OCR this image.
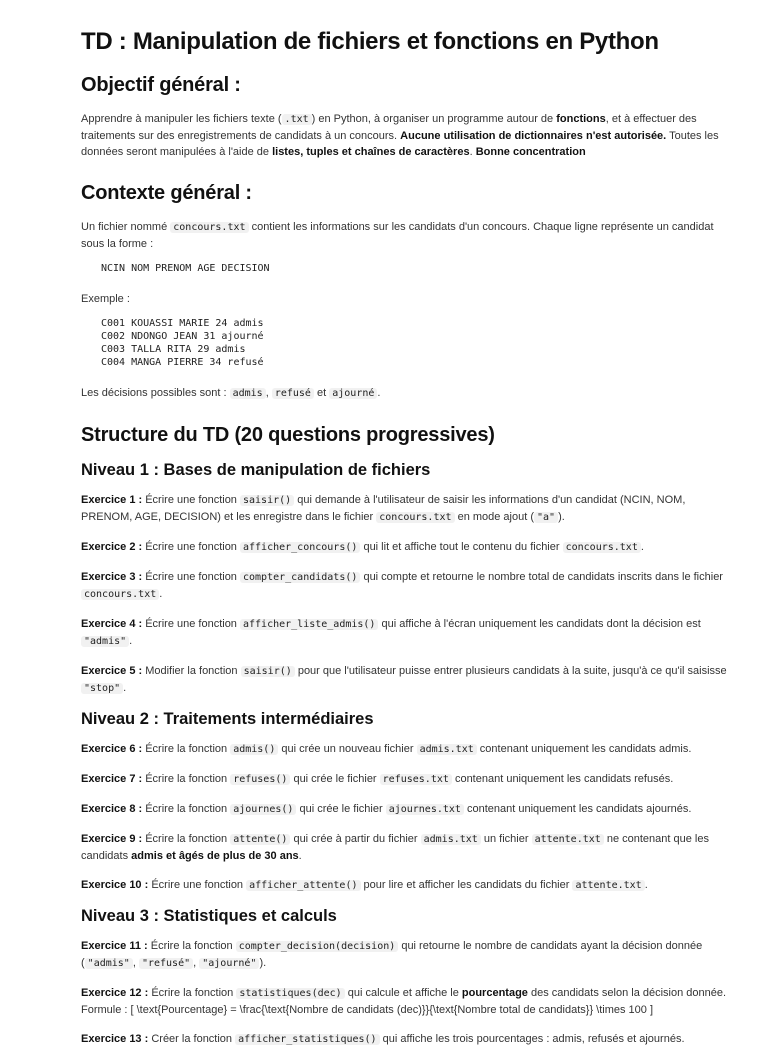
TD : Manipulation de fichiers et fonctions en Python
Objectif général :

Apprendre à manipuler les fichiers texte ( .txt ) en Python, à organiser un programme autour de fonctions, et à effectuer des traitements sur des enregistrements de candidats à un concours. Aucune utilisation de dictionnaires n'est autorisée. Toutes les données seront manipulées à l'aide de listes, tuples et chaînes de caractères. Bonne concentration

Contexte général :

Un fichier nommé concours.txt contient les informations sur les candidats d'un concours. Chaque ligne représente un candidat sous la forme :

NCIN NOM PRENOM AGE DECISION

Exemple :

C001 KOUASSI MARIE 24 admis
C002 NDONGO JEAN 31 ajourné
C003 TALLA RITA 29 admis
C004 MANGA PIERRE 34 refusé

Les décisions possibles sont : admis , refusé et ajourné .

Structure du TD (20 questions progressives)
Niveau 1 : Bases de manipulation de fichiers

Exercice 1 : Écrire une fonction saisir() qui demande à l'utilisateur de saisir les informations d'un candidat (NCIN, NOM, PRENOM, AGE, DECISION) et les enregistre dans le fichier concours.txt en mode ajout ( "a" ).

Exercice 2 : Écrire une fonction afficher_concours() qui lit et affiche tout le contenu du fichier concours.txt .

Exercice 3 : Écrire une fonction compter_candidats() qui compte et retourne le nombre total de candidats inscrits dans le fichier concours.txt .

Exercice 4 : Écrire une fonction afficher_liste_admis() qui affiche à l'écran uniquement les candidats dont la décision est "admis" .

Exercice 5 : Modifier la fonction saisir() pour que l'utilisateur puisse entrer plusieurs candidats à la suite, jusqu'à ce qu'il saisisse "stop" .

Niveau 2 : Traitements intermédiaires

Exercice 6 : Écrire la fonction admis() qui crée un nouveau fichier admis.txt contenant uniquement les candidats admis.

Exercice 7 : Écrire la fonction refuses() qui crée le fichier refuses.txt contenant uniquement les candidats refusés.

Exercice 8 : Écrire la fonction ajournes() qui crée le fichier ajournes.txt contenant uniquement les candidats ajournés.

Exercice 9 : Écrire la fonction attente() qui crée à partir du fichier admis.txt un fichier attente.txt ne contenant que les candidats admis et âgés de plus de 30 ans.

Exercice 10 : Écrire une fonction afficher_attente() pour lire et afficher les candidats du fichier attente.txt .

Niveau 3 : Statistiques et calculs

Exercice 11 : Écrire la fonction compter_decision(decision) qui retourne le nombre de candidats ayant la décision donnée ( "admis" , "refusé" , "ajourné" ).

Exercice 12 : Écrire la fonction statistiques(dec) qui calcule et affiche le pourcentage des candidats selon la décision donnée. Formule : [ \text{Pourcentage} = \frac{\text{Nombre de candidats (dec)}}{\text{Nombre total de candidats}} \times 100 ]

Exercice 13 : Créer la fonction afficher_statistiques() qui affiche les trois pourcentages : admis, refusés et ajournés.
